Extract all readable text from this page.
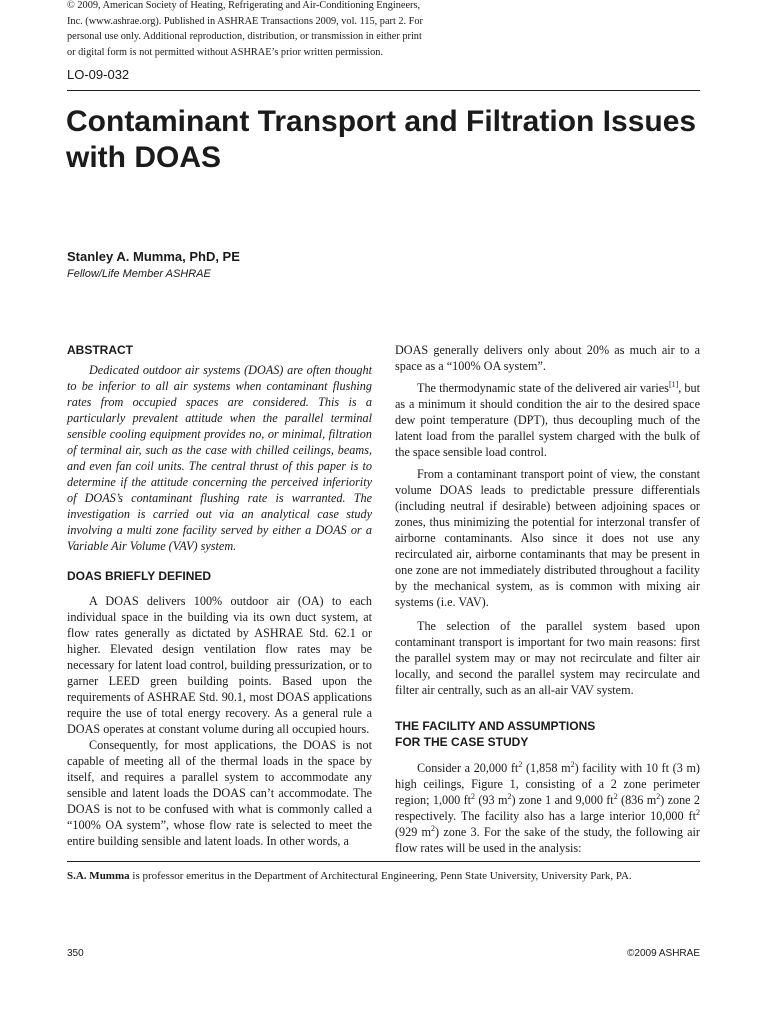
© 2009, American Society of Heating, Refrigerating and Air-Conditioning Engineers,
Inc. (www.ashrae.org). Published in ASHRAE Transactions 2009, vol. 115, part 2. For
personal use only. Additional reproduction, distribution, or transmission in either print
or digital form is not permitted without ASHRAE’s prior written permission.
LO-09-032
Contaminant Transport and Filtration Issues
with DOAS
Stanley A. Mumma, PhD, PE
Fellow/Life Member ASHRAE
ABSTRACT

Dedicated outdoor air systems (DOAS) are often thought to be inferior to all air systems when contaminant flushing rates from occupied spaces are considered. This is a particularly prevalent attitude when the parallel terminal sensible cooling equipment provides no, or minimal, filtration of terminal air, such as the case with chilled ceilings, beams, and even fan coil units. The central thrust of this paper is to determine if the attitude concerning the perceived inferiority of DOAS’s contaminant flushing rate is warranted. The investigation is carried out via an analytical case study involving a multi zone facility served by either a DOAS or a Variable Air Volume (VAV) system.

DOAS BRIEFLY DEFINED

A DOAS delivers 100% outdoor air (OA) to each individual space in the building via its own duct system, at flow rates generally as dictated by ASHRAE Std. 62.1 or higher. Elevated design ventilation flow rates may be necessary for latent load control, building pressurization, or to garner LEED green building points. Based upon the requirements of ASHRAE Std. 90.1, most DOAS applications require the use of total energy recovery. As a general rule a DOAS operates at constant volume during all occupied hours.

Consequently, for most applications, the DOAS is not capable of meeting all of the thermal loads in the space by itself, and requires a parallel system to accommodate any sensible and latent loads the DOAS can’t accommodate. The DOAS is not to be confused with what is commonly called a “100% OA system”, whose flow rate is selected to meet the entire building sensible and latent loads. In other words, a

DOAS generally delivers only about 20% as much air to a space as a “100% OA system”.

The thermodynamic state of the delivered air varies[1], but as a minimum it should condition the air to the desired space dew point temperature (DPT), thus decoupling much of the latent load from the parallel system charged with the bulk of the space sensible load control.

From a contaminant transport point of view, the constant volume DOAS leads to predictable pressure differentials (including neutral if desirable) between adjoining spaces or zones, thus minimizing the potential for interzonal transfer of airborne contaminants. Also since it does not use any recirculated air, airborne contaminants that may be present in one zone are not immediately distributed throughout a facility by the mechanical system, as is common with mixing air systems (i.e. VAV).

The selection of the parallel system based upon contaminant transport is important for two main reasons: first the parallel system may or may not recirculate and filter air locally, and second the parallel system may recirculate and filter air centrally, such as an all-air VAV system.

THE FACILITY AND ASSUMPTIONS
FOR THE CASE STUDY

Consider a 20,000 $ft^2$ (1,858 $m^2$) facility with 10 ft (3 m) high ceilings, Figure 1, consisting of a 2 zone perimeter region; 1,000 $ft^2$ (93 $m^2$) zone 1 and 9,000 $ft^2$ (836 $m^2$) zone 2 respectively. The facility also has a large interior 10,000 $ft^2$ (929 $m^2$) zone 3. For the sake of the study, the following air flow rates will be used in the analysis:

S.A. Mumma is professor emeritus in the Department of Architectural Engineering, Penn State University, University Park, PA.
350	©2009 ASHRAE
